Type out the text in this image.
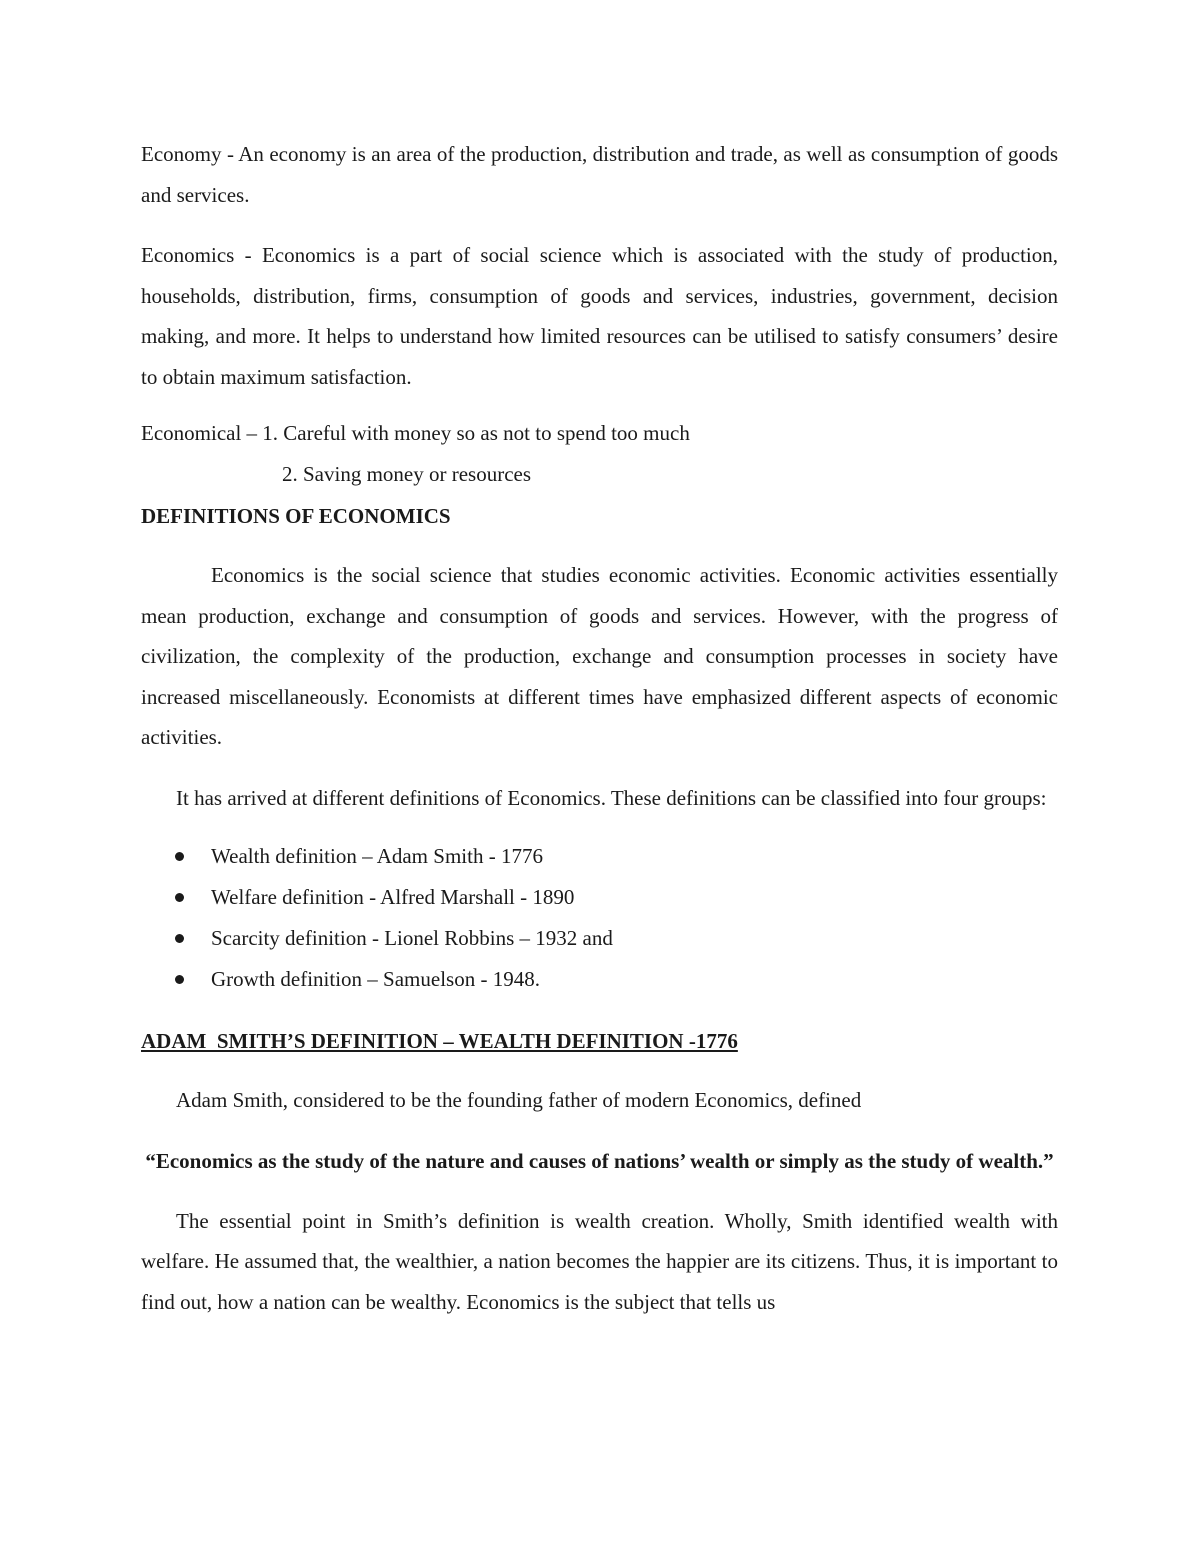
Economy - An economy is an area of the production, distribution and trade, as well as consumption of goods and services.

Economics - Economics is a part of social science which is associated with the study of production, households, distribution, firms, consumption of goods and services, industries, government, decision making, and more. It helps to understand how limited resources can be utilised to satisfy consumers’ desire to obtain maximum satisfaction.

Economical – 1. Careful with money so as not to spend too much

2. Saving money or resources

DEFINITIONS OF ECONOMICS

Economics is the social science that studies economic activities. Economic activities essentially mean production, exchange and consumption of goods and services. However, with the progress of civilization, the complexity of the production, exchange and consumption processes in society have increased miscellaneously. Economists at different times have emphasized different aspects of economic activities.

It has arrived at different definitions of Economics. These definitions can be classified into four groups:

Wealth definition – Adam Smith - 1776
Welfare definition - Alfred Marshall - 1890
Scarcity definition - Lionel Robbins – 1932 and
Growth definition – Samuelson - 1948.

ADAM  SMITH’S DEFINITION – WEALTH DEFINITION -1776

Adam Smith, considered to be the founding father of modern Economics, defined

“Economics as the study of the nature and causes of nations’ wealth or simply as the study of wealth.”

The essential point in Smith’s definition is wealth creation. Wholly, Smith identified wealth with welfare. He assumed that, the wealthier, a nation becomes the happier are its citizens. Thus, it is important to find out, how a nation can be wealthy. Economics is the subject that tells us
